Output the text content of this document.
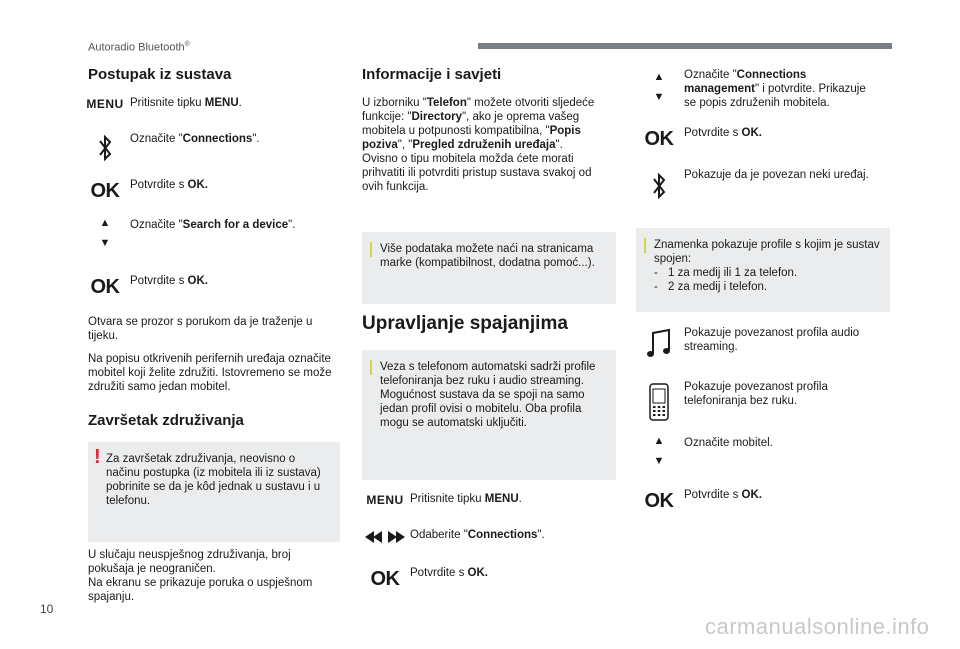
Autoradio Bluetooth®
Postupak iz sustava
MENU Pritisnite tipku MENU.
Označite "Connections".
OK Potvrdite s OK.
▲
▼
Označite "Search for a device".
OK Potvrdite s OK.
Otvara se prozor s porukom da je traženje u tijeku.
Na popisu otkrivenih perifernih uređaja označite mobitel koji želite združiti. Istovremeno se može združiti samo jedan mobitel.
Završetak združivanja
! Za završetak združivanja, neovisno o načinu postupka (iz mobitela ili iz sustava) pobrinite se da je kôd jednak u sustavu i u telefonu.
U slučaju neuspješnog združivanja, broj pokušaja je neograničen.
Na ekranu se prikazuje poruka o uspješnom spajanju.
Informacije i savjeti
U izborniku "Telefon" možete otvoriti sljedeće funkcije: "Directory", ako je oprema vašeg mobitela u potpunosti kompatibilna, "Popis poziva", "Pregled združenih uređaja".
Ovisno o tipu mobitela možda ćete morati prihvatiti ili potvrditi pristup sustava svakoj od ovih funkcija.
Više podataka možete naći na stranicama marke (kompatibilnost, dodatna pomoć...).
Upravljanje spajanjima
Veza s telefonom automatski sadrži profile telefoniranja bez ruku i audio streaming. Mogućnost sustava da se spoji na samo jedan profil ovisi o mobitelu. Oba profila mogu se automatski uključiti.
MENU Pritisnite tipku MENU.
Odaberite "Connections".
OK Potvrdite s OK.
▲
▼
Označite "Connections management" i potvrdite. Prikazuje se popis združenih mobitela.
OK Potvrdite s OK.
Pokazuje da je povezan neki uređaj.
Znamenka pokazuje profile s kojim je sustav spojen:
- 1 za medij ili 1 za telefon.
- 2 za medij i telefon.
Pokazuje povezanost profila audio streaming.
Pokazuje povezanost profila telefoniranja bez ruku.
▲
▼
Označite mobitel.
OK Potvrdite s OK.
10
carmanualsonline.info
